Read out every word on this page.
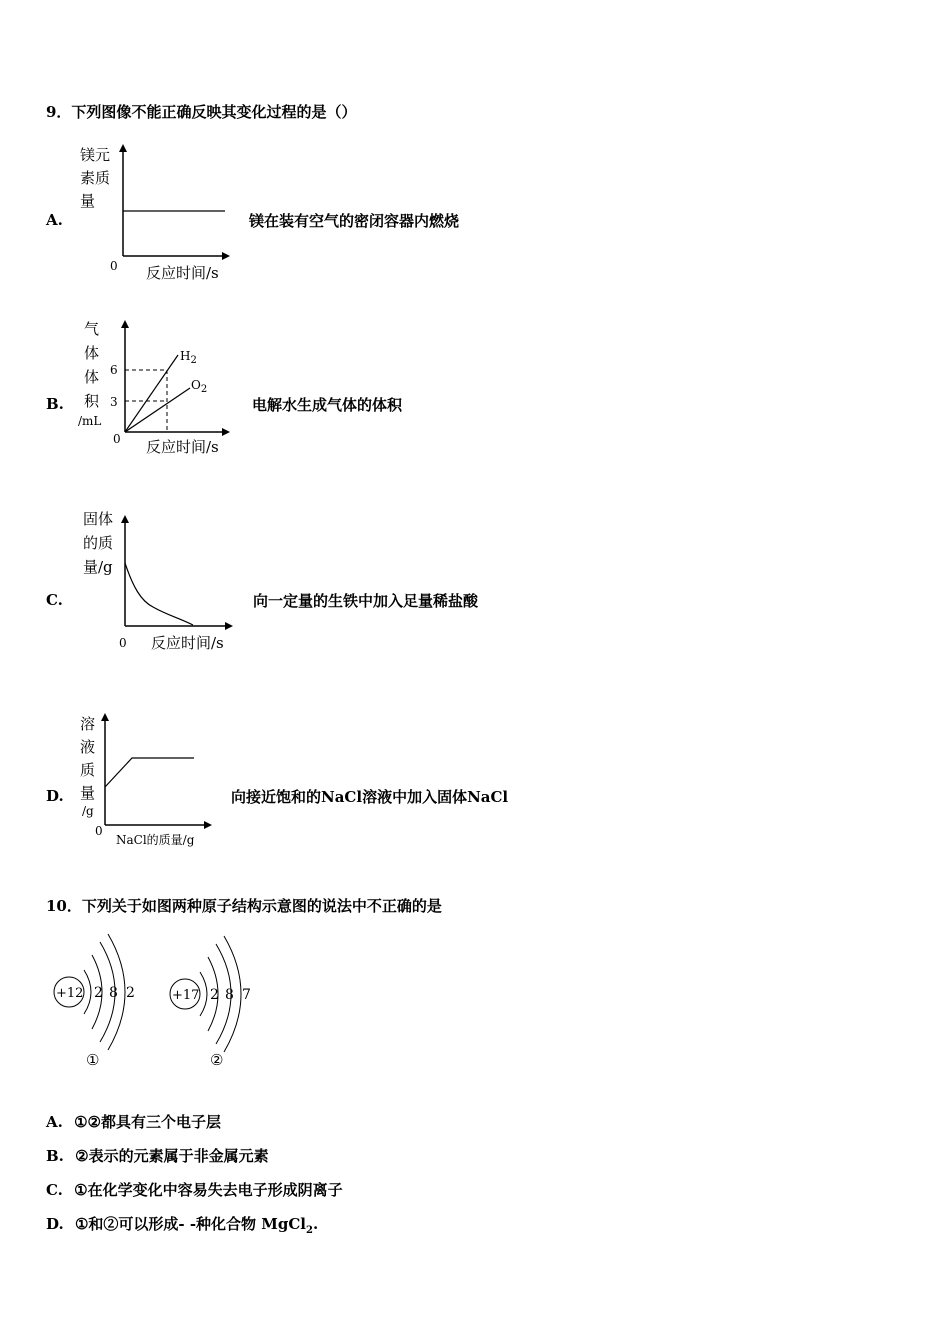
9．下列图像不能正确反映其变化过程的是（）
A.
镁元
素质
量
0 反应时间/s
镁在装有空气的密闭容器内燃烧
B.
气
体
体
积
/mL
6
3
0 反应时间/s
$H_2$
$O_2$
电解水生成气体的体积
C.
固体
的质
量/g
0 反应时间/s
向一定量的生铁中加入足量稀盐酸
D.
溶
液
质
量
/g
0
NaCl的质量/g
向接近饱和的NaCl溶液中加入固体NaCl
10．下列关于如图两种原子结构示意图的说法中不正确的是
+12 2 8 2
①
+17 2 8 7
②
A. ①②都具有三个电子层
B. ②表示的元素属于非金属元素
C. ①在化学变化中容易失去电子形成阴离子
D. ①和②可以形成- -种化合物 MgCl$_2$.
